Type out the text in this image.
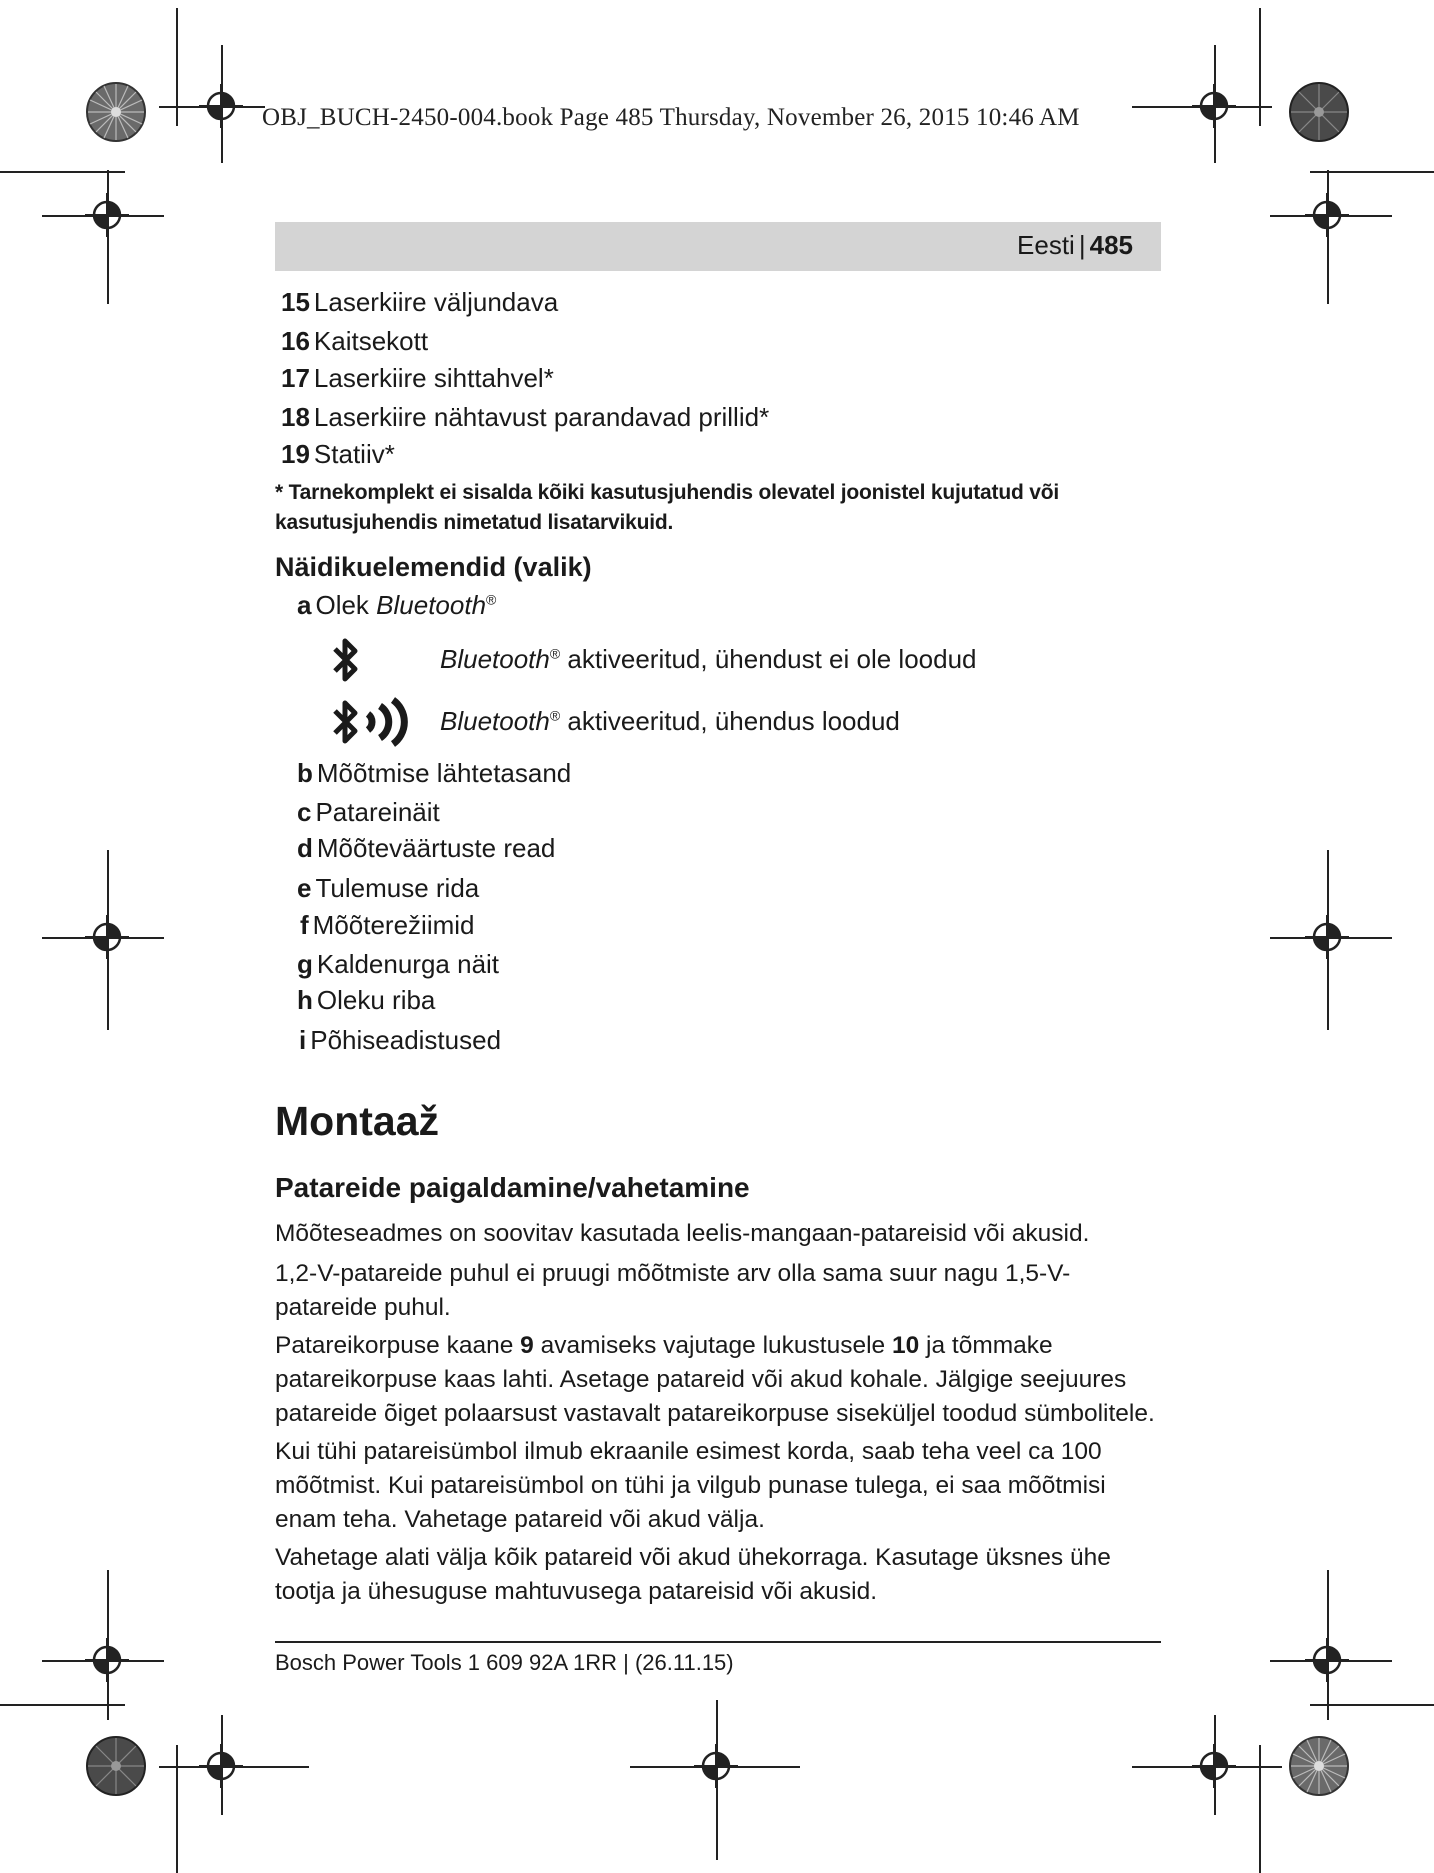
OBJ_BUCH-2450-004.book Page 485 Thursday, November 26, 2015 10:46 AM
Eesti | 485
15 Laserkiire väljundava
16 Kaitsekott
17 Laserkiire sihttahvel*
18 Laserkiire nähtavust parandavad prillid*
19 Statiiv*
* Tarnekomplekt ei sisalda kõiki kasutusjuhendis olevatel joonistel kujutatud või kasutusjuhendis nimetatud lisatarvikuid.
Näidikuelemendid (valik)
a Olek Bluetooth®
Bluetooth® aktiveeritud, ühendust ei ole loodud
Bluetooth® aktiveeritud, ühendus loodud
b Mõõtmise lähtetasand
c Patareinäit
d Mõõteväärtuste read
e Tulemuse rida
f Mõõterežiimid
g Kaldenurga näit
h Oleku riba
i Põhiseadistused
Montaaž
Patareide paigaldamine/vahetamine
Mõõteseadmes on soovitav kasutada leelis-mangaan-patareisid või akusid.
1,2-V-patareide puhul ei pruugi mõõtmiste arv olla sama suur nagu 1,5-V-patareide puhul.
Patareikorpuse kaane 9 avamiseks vajutage lukustusele 10 ja tõmmake patareikorpuse kaas lahti. Asetage patareid või akud kohale. Jälgige seejuures patareide õiget polaarsust vastavalt patareikorpuse siseküljel toodud sümbolitele.
Kui tühi patareisümbol ilmub ekraanile esimest korda, saab teha veel ca 100 mõõtmist. Kui patareisümbol on tühi ja vilgub punase tulega, ei saa mõõtmisi enam teha. Vahetage patareid või akud välja.
Vahetage alati välja kõik patareid või akud ühekorraga. Kasutage üksnes ühe tootja ja ühesuguse mahtuvusega patareisid või akusid.
Bosch Power Tools 1 609 92A 1RR | (26.11.15)
